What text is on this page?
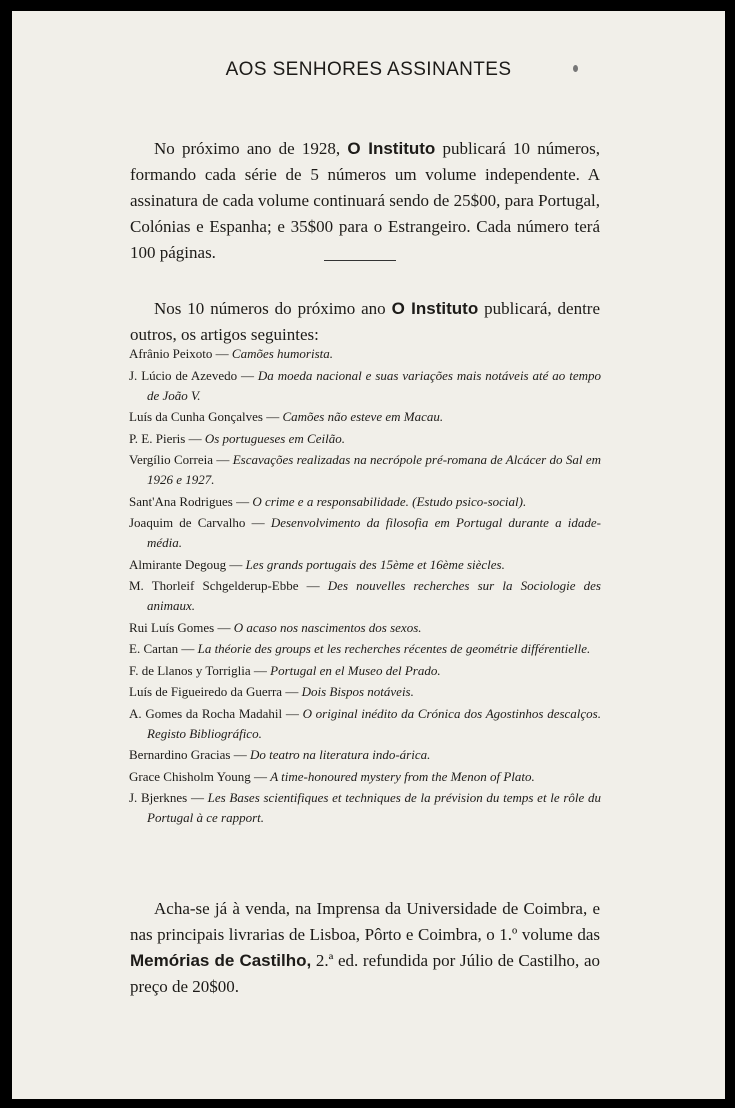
AOS SENHORES ASSINANTES

No próximo ano de 1928, O Instituto publicará 10 números, formando cada série de 5 números um volume independente. A assinatura de cada volume continuará sendo de 25$00, para Portugal, Colónias e Espanha; e 35$00 para o Estrangeiro. Cada número terá 100 páginas.

Nos 10 números do próximo ano O Instituto publicará, dentre outros, os artigos seguintes:

Afrânio Peixoto — Camões humorista.
J. Lúcio de Azevedo — Da moeda nacional e suas variações mais notáveis até ao tempo de João V.
Luís da Cunha Gonçalves — Camões não esteve em Macau.
P. E. Pieris — Os portugueses em Ceilão.
Vergílio Correia — Escavações realizadas na necrópole pré-romana de Alcácer do Sal em 1926 e 1927.
Sant'Ana Rodrigues — O crime e a responsabilidade. (Estudo psico-social).
Joaquim de Carvalho — Desenvolvimento da filosofia em Portugal durante a idade-média.
Almirante Degoug — Les grands portugais des 15ème et 16ème siècles.
M. Thorleif Schgelderup-Ebbe — Des nouvelles recherches sur la Sociologie des animaux.
Rui Luís Gomes — O acaso nos nascimentos dos sexos.
E. Cartan — La théorie des groups et les recherches récentes de geométrie différentielle.
F. de Llanos y Torriglia — Portugal en el Museo del Prado.
Luís de Figueiredo da Guerra — Dois Bispos notáveis.
A. Gomes da Rocha Madahil — O original inédito da Crónica dos Agostinhos descalços. Registo Bibliográfico.
Bernardino Gracias — Do teatro na literatura indo-árica.
Grace Chisholm Young — A time-honoured mystery from the Menon of Plato.
J. Bjerknes — Les Bases scientifiques et techniques de la prévision du temps et le rôle du Portugal à ce rapport.

Acha-se já à venda, na Imprensa da Universidade de Coimbra, e nas principais livrarias de Lisboa, Pôrto e Coimbra, o 1.º volume das Memórias de Castilho, 2.ª ed. refundida por Júlio de Castilho, ao preço de 20$00.
